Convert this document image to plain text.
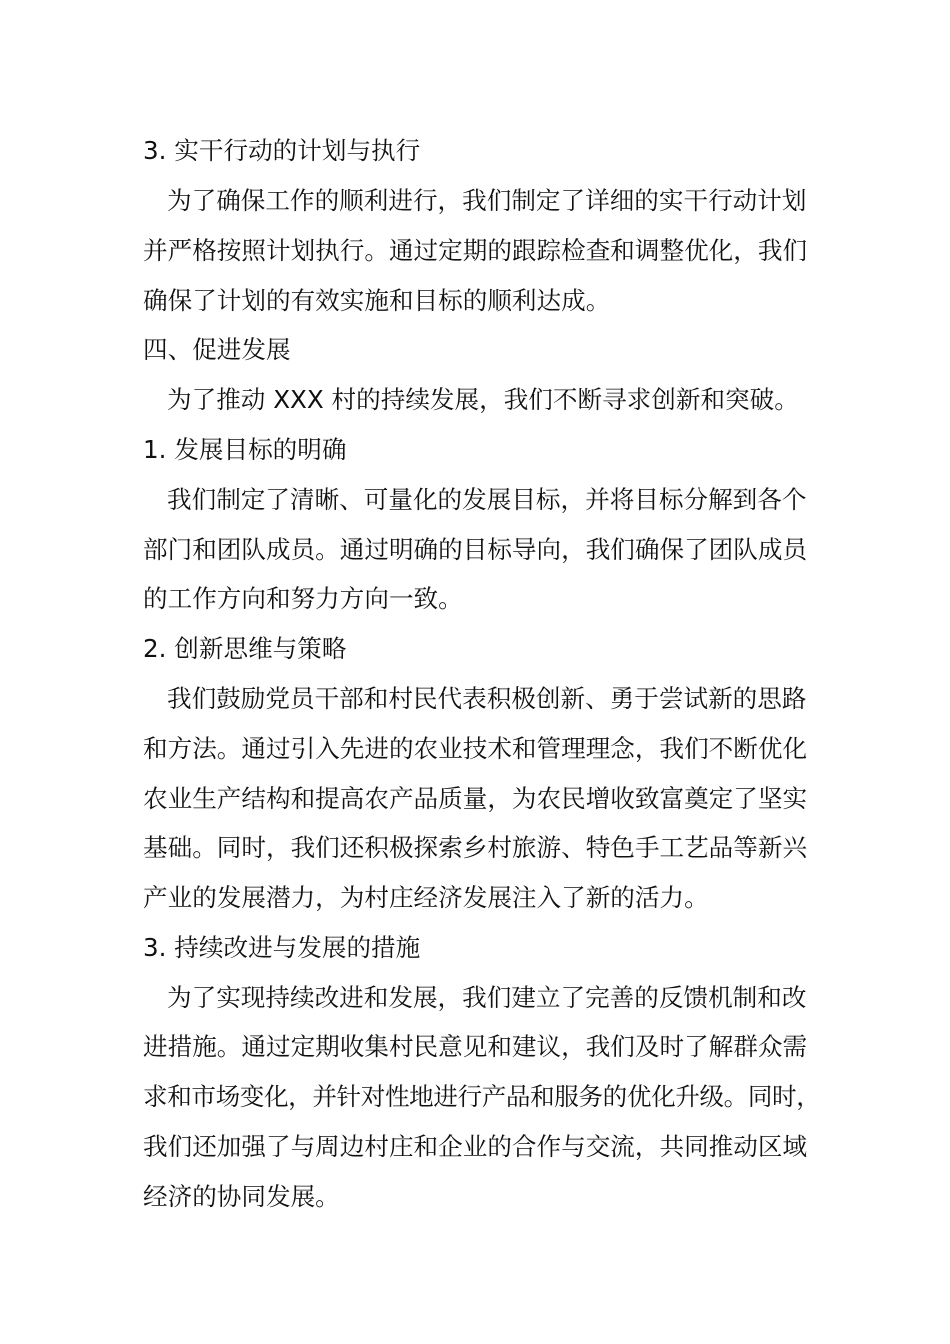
3. 实干行动的计划与执行
为了确保工作的顺利进行，我们制定了详细的实干行动计划
并严格按照计划执行。通过定期的跟踪检查和调整优化，我们
确保了计划的有效实施和目标的顺利达成。
四、促进发展
为了推动 XXX 村的持续发展，我们不断寻求创新和突破。
1. 发展目标的明确
我们制定了清晰、可量化的发展目标，并将目标分解到各个
部门和团队成员。通过明确的目标导向，我们确保了团队成员
的工作方向和努力方向一致。
2. 创新思维与策略
我们鼓励党员干部和村民代表积极创新、勇于尝试新的思路
和方法。通过引入先进的农业技术和管理理念，我们不断优化
农业生产结构和提高农产品质量，为农民增收致富奠定了坚实
基础。同时，我们还积极探索乡村旅游、特色手工艺品等新兴
产业的发展潜力，为村庄经济发展注入了新的活力。
3. 持续改进与发展的措施
为了实现持续改进和发展，我们建立了完善的反馈机制和改
进措施。通过定期收集村民意见和建议，我们及时了解群众需
求和市场变化，并针对性地进行产品和服务的优化升级。同时，
我们还加强了与周边村庄和企业的合作与交流，共同推动区域
经济的协同发展。
